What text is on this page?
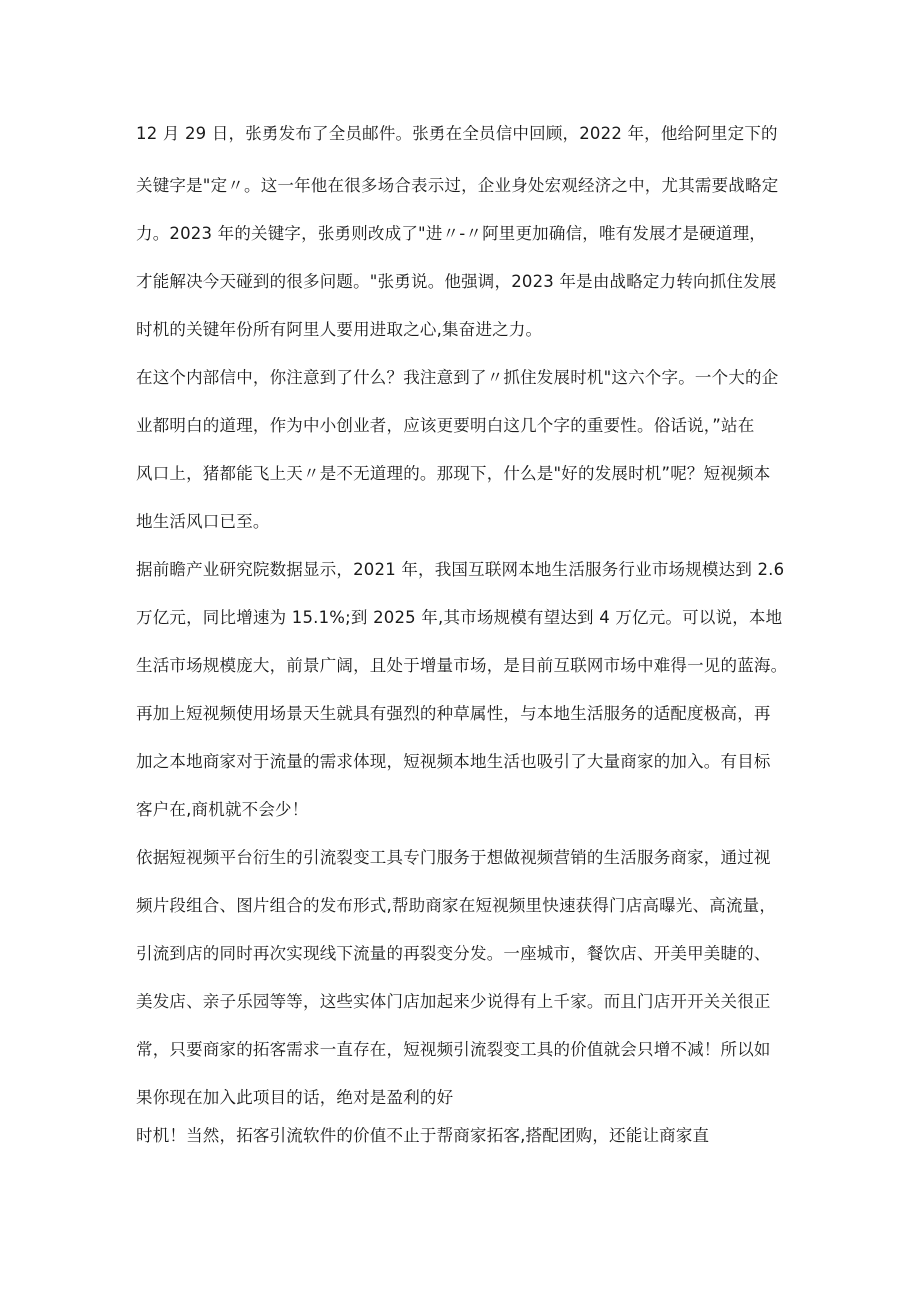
12 月 29 日，张勇发布了全员邮件。张勇在全员信中回顾，2022 年，他给阿里定下的

关键字是"定〃。这一年他在很多场合表示过，企业身处宏观经济之中，尤其需要战略定

力。2023 年的关键字，张勇则改成了"进〃-〃阿里更加确信，唯有发展才是硬道理，

才能解决今天碰到的很多问题。"张勇说。他强调，2023 年是由战略定力转向抓住发展

时机的关键年份所有阿里人要用进取之心,集奋进之力。

在这个内部信中，你注意到了什么？我注意到了〃抓住发展时机"这六个字。一个大的企

业都明白的道理，作为中小创业者，应该更要明白这几个字的重要性。俗话说，”站在

风口上，猪都能飞上天〃是不无道理的。那现下，什么是"好的发展时机”呢？短视频本

地生活风口已至。

据前瞻产业研究院数据显示，2021 年，我国互联网本地生活服务行业市场规模达到 2.6

万亿元，同比增速为 15.1%;到 2025 年,其市场规模有望达到 4 万亿元。可以说，本地

生活市场规模庞大，前景广阔，且处于增量市场，是目前互联网市场中难得一见的蓝海。

再加上短视频使用场景天生就具有强烈的种草属性，与本地生活服务的适配度极高，再

加之本地商家对于流量的需求体现，短视频本地生活也吸引了大量商家的加入。有目标

客户在,商机就不会少！

依据短视频平台衍生的引流裂变工具专门服务于想做视频营销的生活服务商家，通过视

频片段组合、图片组合的发布形式,帮助商家在短视频里快速获得门店高曝光、高流量，

引流到店的同时再次实现线下流量的再裂变分发。一座城市，餐饮店、开美甲美睫的、

美发店、亲子乐园等等，这些实体门店加起来少说得有上千家。而且门店开开关关很正

常，只要商家的拓客需求一直存在，短视频引流裂变工具的价值就会只增不减！所以如

果你现在加入此项目的话，绝对是盈利的好

时机！当然，拓客引流软件的价值不止于帮商家拓客,搭配团购，还能让商家直
